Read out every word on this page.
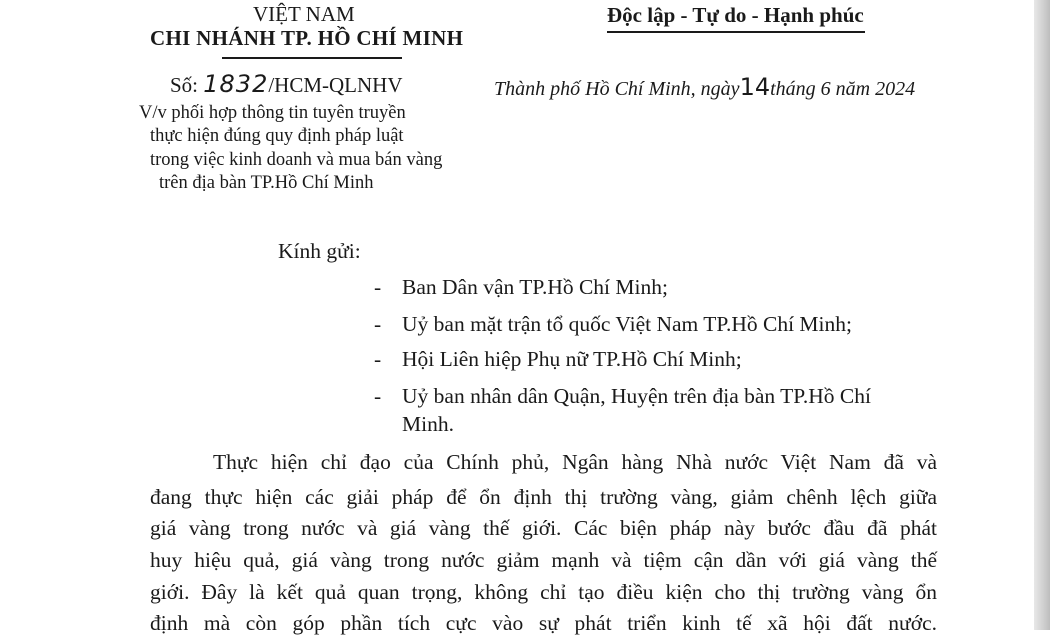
VIỆT NAM
CHI NHÁNH TP. HỒ CHÍ MINH
Độc lập - Tự do - Hạnh phúc
Số: 1832/HCM-QLNHV	Thành phố Hồ Chí Minh, ngày14tháng 6 năm 2024
V/v phối hợp thông tin tuyên truyền
thực hiện đúng quy định pháp luật
trong việc kinh doanh và mua bán vàng
trên địa bàn TP.Hồ Chí Minh
Kính gửi:
- Ban Dân vận TP.Hồ Chí Minh;
- Uỷ ban mặt trận tổ quốc Việt Nam TP.Hồ Chí Minh;
- Hội Liên hiệp Phụ nữ TP.Hồ Chí Minh;
- Uỷ ban nhân dân Quận, Huyện trên địa bàn TP.Hồ Chí
Minh.
Thực hiện chỉ đạo của Chính phủ, Ngân hàng Nhà nước Việt Nam đã và
đang thực hiện các giải pháp để ổn định thị trường vàng, giảm chênh lệch giữa
giá vàng trong nước và giá vàng thế giới. Các biện pháp này bước đầu đã phát
huy hiệu quả, giá vàng trong nước giảm mạnh và tiệm cận dần với giá vàng thế
giới. Đây là kết quả quan trọng, không chỉ tạo điều kiện cho thị trường vàng ổn
định mà còn góp phần tích cực vào sự phát triển kinh tế xã hội đất nước.
